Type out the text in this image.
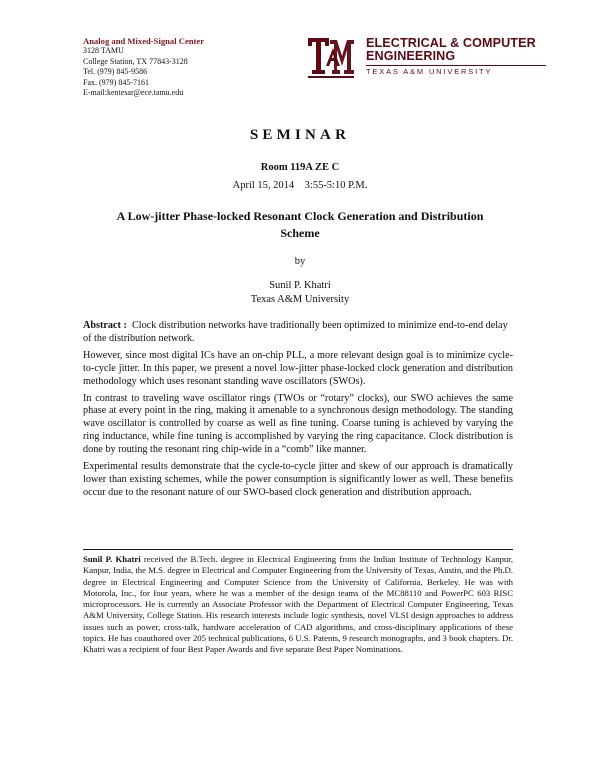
Analog and Mixed-Signal Center
3128 TAMU
College Station, TX 77843-3128
Tel. (979) 845-9586
Fax. (979) 845-7161
E-mail:kentesar@ece.tamu.edu
ELECTRICAL & COMPUTER
ENGINEERING
TEXAS A&M UNIVERSITY
SEMINAR
Room 119A ZE C
April 15, 2014    3:55-5:10 P.M.
A Low-jitter Phase-locked Resonant Clock Generation and Distribution Scheme
by
Sunil P. Khatri
Texas A&M University

Abstract : Clock distribution networks have traditionally been optimized to minimize end-to-end delay of the distribution network.

However, since most digital ICs have an on-chip PLL, a more relevant design goal is to minimize cycle-to-cycle jitter. In this paper, we present a novel low-jitter phase-locked clock generation and distribution methodology which uses resonant standing wave oscillators (SWOs).

In contrast to traveling wave oscillator rings (TWOs or “rotary” clocks), our SWO achieves the same phase at every point in the ring, making it amenable to a synchronous design methodology. The standing wave oscillator is controlled by coarse as well as fine tuning. Coarse tuning is achieved by varying the ring inductance, while fine tuning is accomplished by varying the ring capacitance. Clock distribution is done by routing the resonant ring chip-wide in a “comb” like manner.

Experimental results demonstrate that the cycle-to-cycle jitter and skew of our approach is dramatically lower than existing schemes, while the power consumption is significantly lower as well. These benefits occur due to the resonant nature of our SWO-based clock generation and distribution approach.

Sunil P. Khatri received the B.Tech. degree in Electrical Engineering from the Indian Institute of Technology Kanpur, Kanpur, India, the M.S. degree in Electrical and Computer Engineering from the University of Texas, Austin, and the Ph.D. degree in Electrical Engineering and Computer Science from the University of California, Berkeley. He was with Motorola, Inc., for four years, where he was a member of the design teams of the MC88110 and PowerPC 603 RISC microprocessors. He is currently an Associate Professor with the Department of Electrical Computer Engineering, Texas A&M University, College Station. His research interests include logic synthesis, novel VLSI design approaches to address issues such as power, cross-talk, hardware acceleration of CAD algorithms, and cross-disciplinary applications of these topics. He has coauthored over 205 technical publications, 6 U.S. Patents, 9 research monographs, and 3 book chapters. Dr. Khatri was a recipient of four Best Paper Awards and five separate Best Paper Nominations.
